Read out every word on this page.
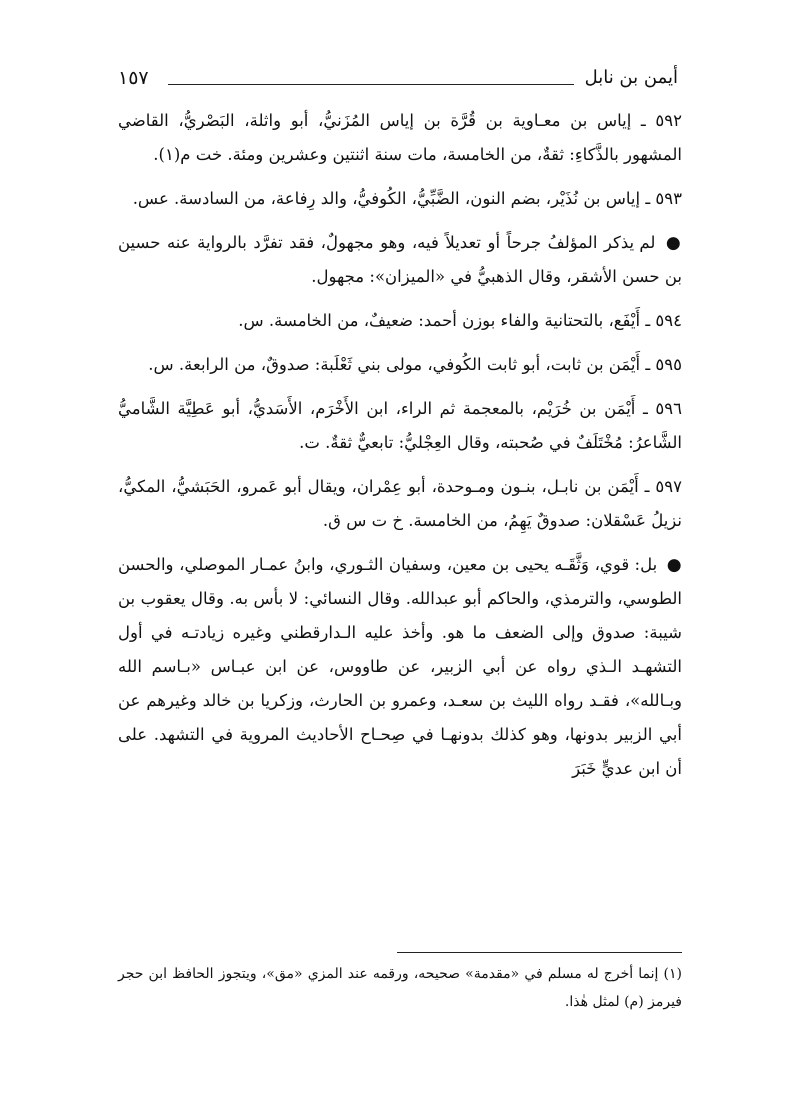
١٥٧	أيمن بن نابل

٥٩٢ ـ إياس بن معـاوية بن قُرَّة بن إياس المُزَنيُّ، أبو واثلة، البَصْريُّ، القاضي المشهور بالذَّكاءِ: ثقةٌ، من الخامسة، مات سنة اثنتين وعشرين ومئة. خت م(١).

٥٩٣ ـ إياس بن نُذَيْر، بضم النون، الضَّبِّيُّ، الكُوفيُّ، والد رِفاعة، من السادسة. عس.

● لم يذكر المؤلفُ جرحاً أو تعديلاً فيه، وهو مجهولٌ، فقد تفرَّد بالرواية عنه حسين بن حسن الأشقر، وقال الذهبيُّ في «الميزان»: مجهول.

٥٩٤ ـ أَيْفَع، بالتحتانية والفاء بوزن أحمد: ضعيفٌ، من الخامسة. س.

٥٩٥ ـ أَيْمَن بن ثابت، أبو ثابت الكُوفي، مولى بني ثَعْلَبة: صدوقٌ، من الرابعة. س.

٥٩٦ ـ أَيْمَن بن خُرَيْم، بالمعجمة ثم الراء، ابن الأَخْرَم، الأَسَديُّ، أبو عَطِيَّة الشَّاميُّ الشَّاعرُ: مُخْتَلَفٌ في صُحبته، وقال العِجْليُّ: تابعيٌّ ثقةٌ. ت.

٥٩٧ ـ أَيْمَن بن نابـل، بنـون ومـوحدة، أبو عِمْران، ويقال أبو عَمرو، الحَبَشيُّ، المكيُّ، نزيلُ عَسْقلان: صدوقٌ يَهِمُ، من الخامسة. خ ت س ق.

● بل: قوي، وَثَّقَـه يحيى بن معين، وسفيان الثـوري، وابنُ عمـار الموصلي، والحسن الطوسي، والترمذي، والحاكم أبو عبدالله. وقال النسائي: لا بأس به. وقال يعقوب بن شيبة: صدوق وإلى الضعف ما هو. وأخذ عليه الـدارقطني وغيره زيادتـه في أول التشهـد الـذي رواه عن أبي الزبير، عن طاووس، عن ابن عبـاس «بـاسم الله وبـالله»، فقـد رواه الليث بن سعـد، وعمرو بن الحارث، وزكريا بن خالد وغيرهم عن أبي الزبير بدونها، وهو كذلك بدونهـا في صِحـاح الأحاديث المروية في التشهد. على أن ابن عديٍّ خَبَرَ

(١) إنما أخرج له مسلم في «مقدمة» صحيحه، ورقمه عند المزي «مق»، ويتجوز الحافظ ابن حجر فيرمز (م) لمثل هٰذا.
